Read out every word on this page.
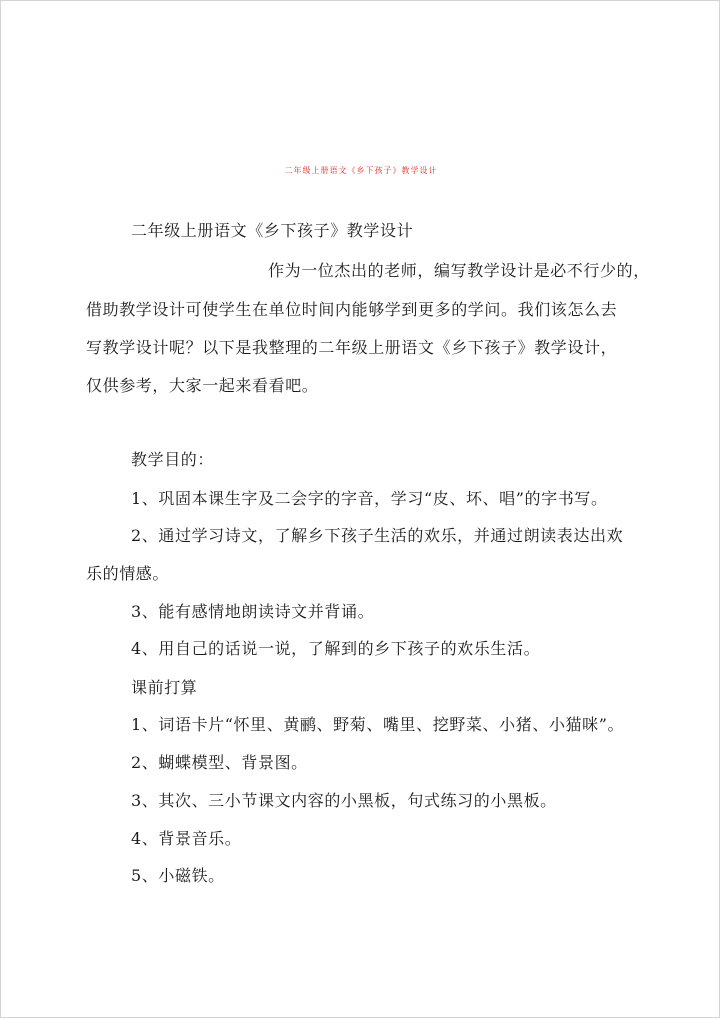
二年级上册语文《乡下孩子》教学设计
二年级上册语文《乡下孩子》教学设计
作为一位杰出的老师，编写教学设计是必不行少的，
借助教学设计可使学生在单位时间内能够学到更多的学问。我们该怎么去
写教学设计呢？以下是我整理的二年级上册语文《乡下孩子》教学设计，
仅供参考，大家一起来看看吧。
教学目的：
1、巩固本课生字及二会字的字音，学习“皮、坏、唱”的字书写。
2、通过学习诗文，了解乡下孩子生活的欢乐，并通过朗读表达出欢
乐的情感。
3、能有感情地朗读诗文并背诵。
4、用自己的话说一说，了解到的乡下孩子的欢乐生活。
课前打算
1、词语卡片“怀里、黄鹂、野菊、嘴里、挖野菜、小猪、小猫咪”。
2、蝴蝶模型、背景图。
3、其次、三小节课文内容的小黑板，句式练习的小黑板。
4、背景音乐。
5、小磁铁。
